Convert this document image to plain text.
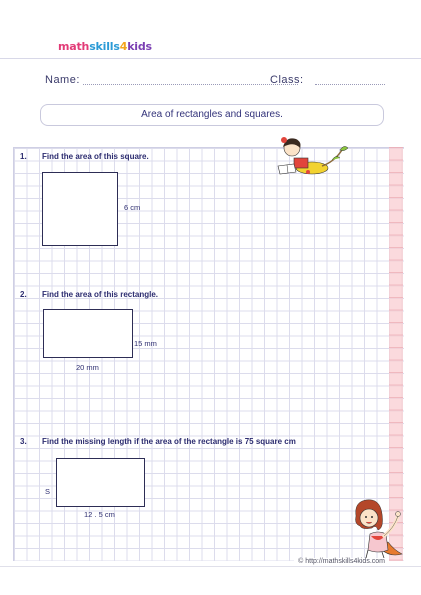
mathskills4kids
Name:	Class:
Area of rectangles and squares.
1. Find the area of this square.
6 cm
2. Find the area of this rectangle.
15 mm
20 mm
3. Find the missing length if the area of the rectangle is 75 square cm
S
12 . 5 cm
© http://mathskills4kids.com
